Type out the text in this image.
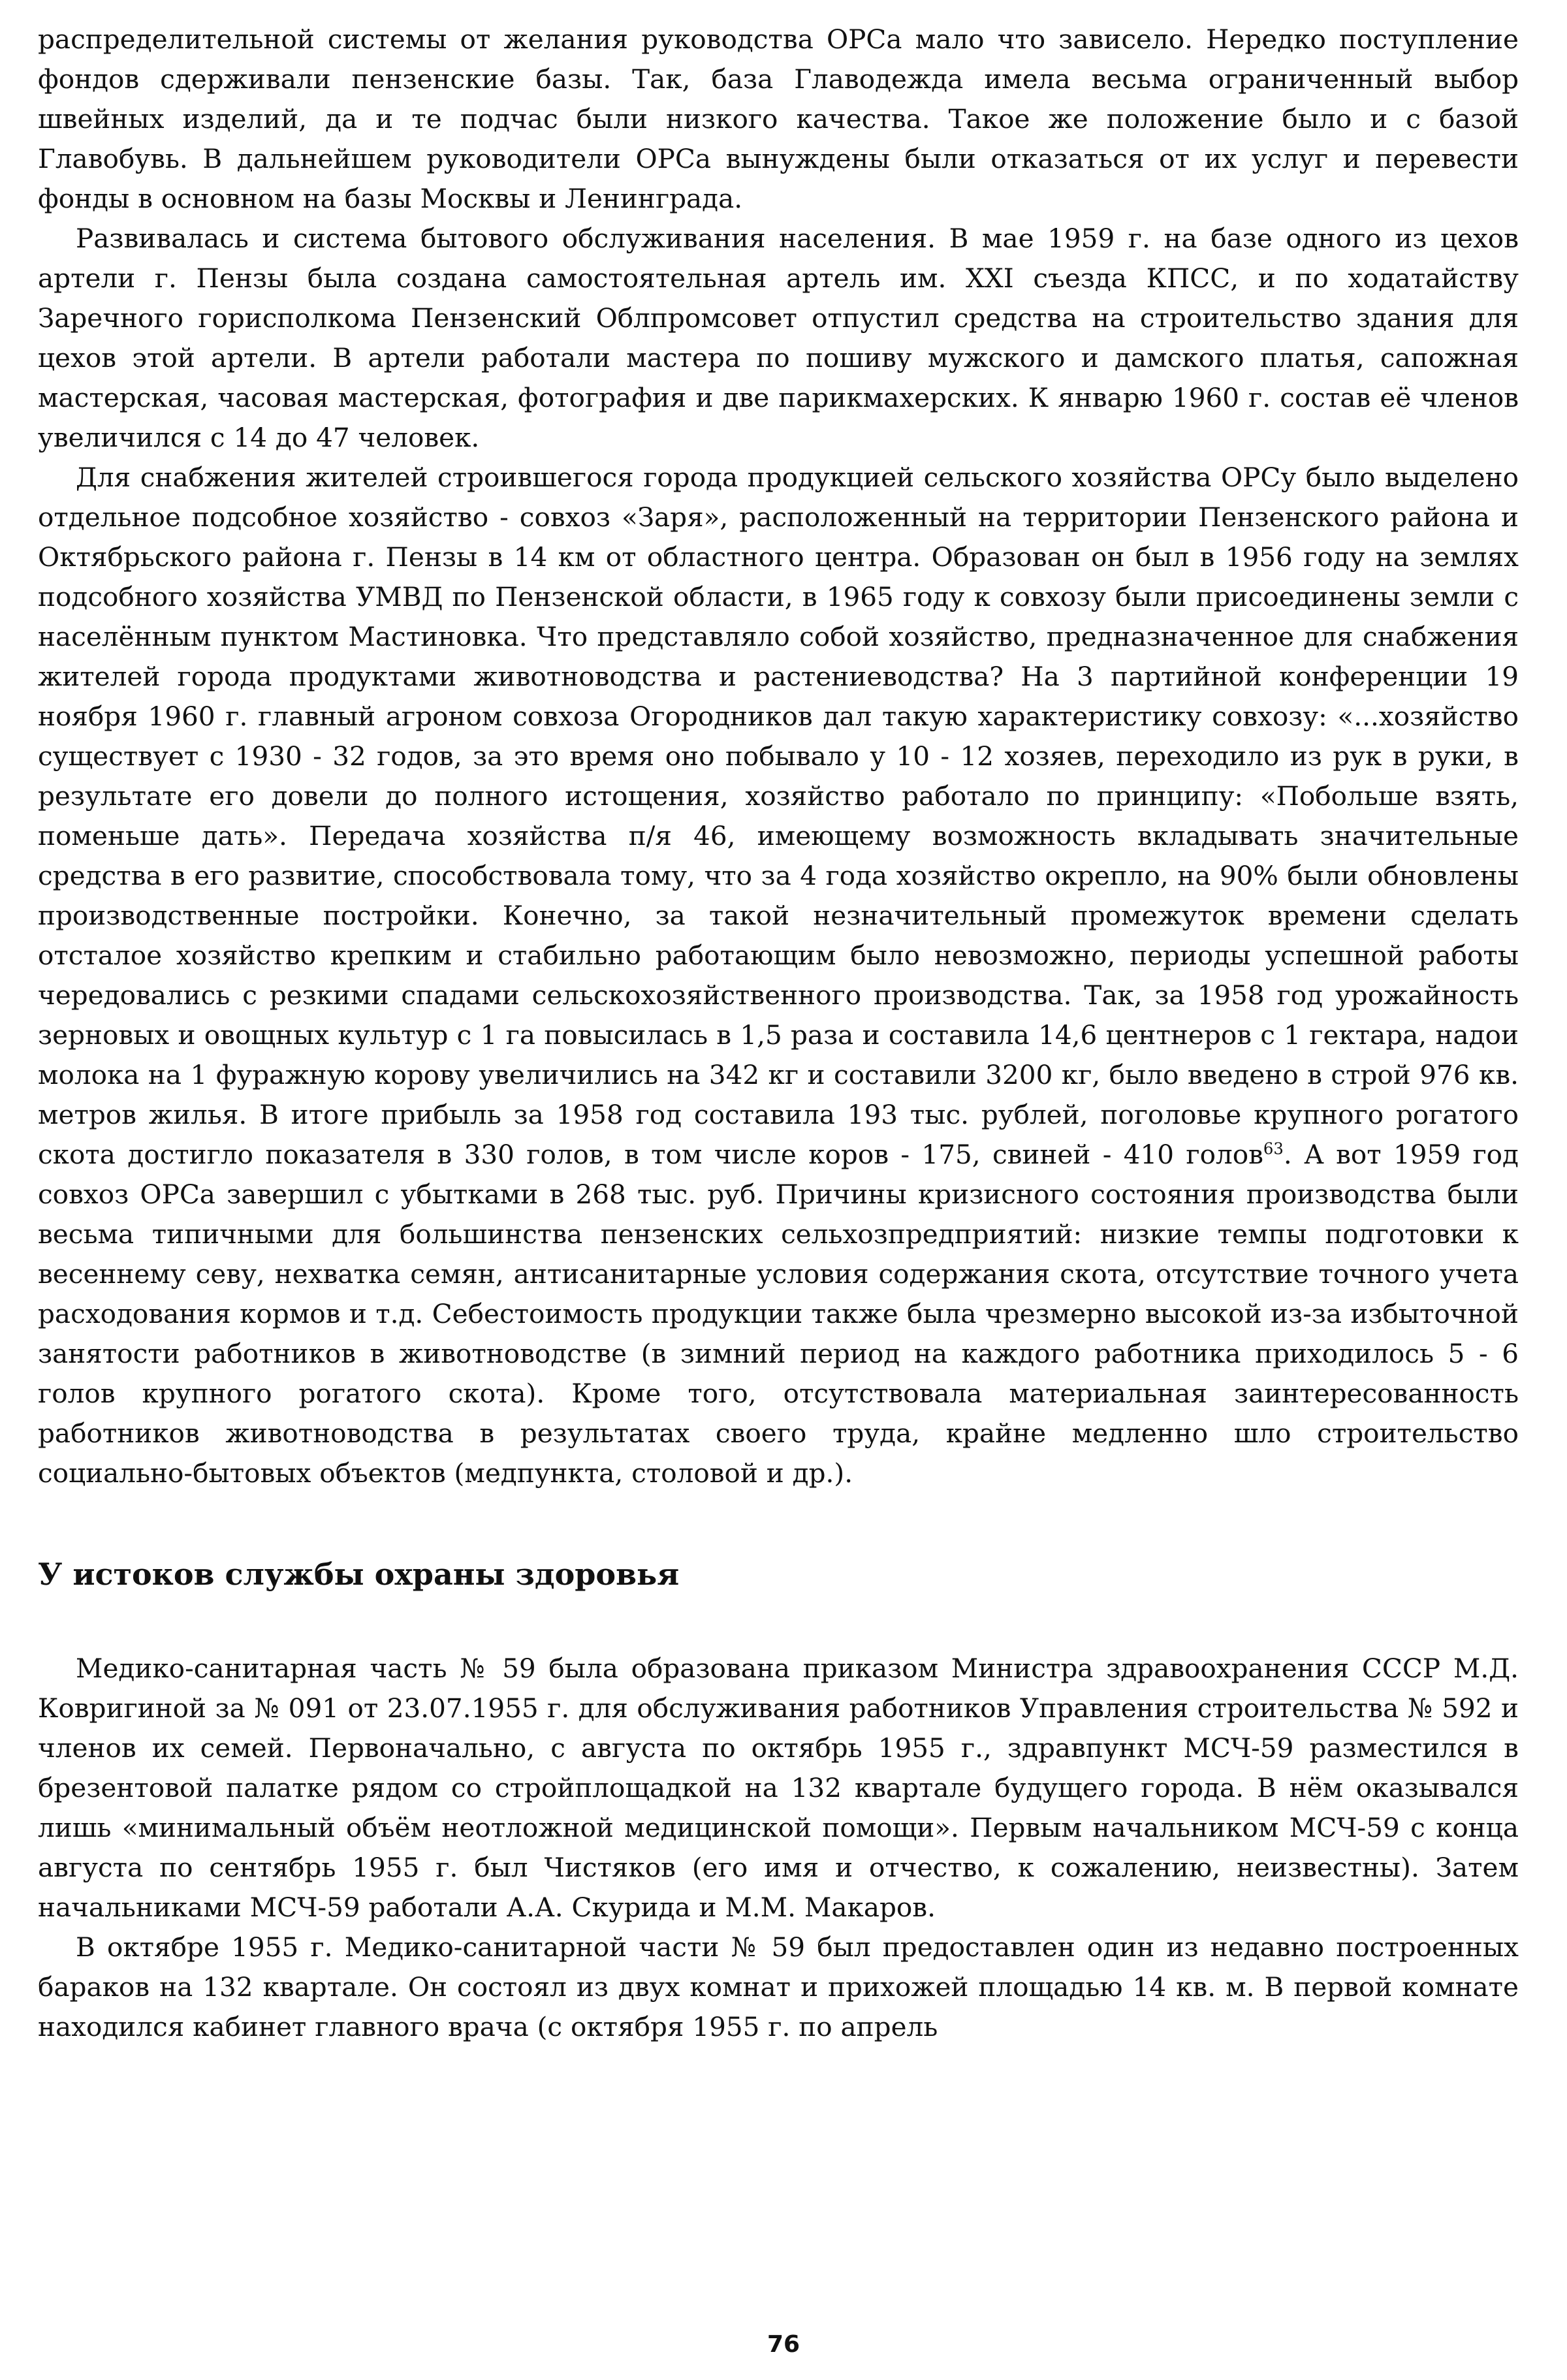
распределительной системы от желания руководства ОРСа мало что зависело. Нередко поступление фондов сдерживали пензенские базы. Так, база Главодежда имела весьма ограниченный выбор швейных изделий, да и те подчас были низкого качества. Такое же положение было и с базой Главобувь. В дальнейшем руководители ОРСа вынуждены были отказаться от их услуг и перевести фонды в основном на базы Москвы и Ленинграда.

Развивалась и система бытового обслуживания населения. В мае 1959 г. на базе одного из цехов артели г. Пензы была создана самостоятельная артель им. XXI съезда КПСС, и по ходатайству Заречного горисполкома Пензенский Облпромсовет отпустил средства на строительство здания для цехов этой артели. В артели работали мастера по пошиву мужского и дамского платья, сапожная мастерская, часовая мастерская, фотография и две парикмахерских. К январю 1960 г. состав её членов увеличился с 14 до 47 человек.

Для снабжения жителей строившегося города продукцией сельского хозяйства ОРСу было выделено отдельное подсобное хозяйство - совхоз «Заря», расположенный на территории Пензенского района и Октябрьского района г. Пензы в 14 км от областного центра. Образован он был в 1956 году на землях подсобного хозяйства УМВД по Пензенской области, в 1965 году к совхозу были присоединены земли с населённым пунктом Мастиновка. Что представляло собой хозяйство, предназначенное для снабжения жителей города продуктами животноводства и растениеводства? На 3 партийной конференции 19 ноября 1960 г. главный агроном совхоза Огородников дал такую характеристику совхозу: «...хозяйство существует с 1930 - 32 годов, за это время оно побывало у 10 - 12 хозяев, переходило из рук в руки, в результате его довели до полного истощения, хозяйство работало по принципу: «Побольше взять, поменьше дать». Передача хозяйства п/я 46, имеющему возможность вкладывать значительные средства в его развитие, способствовала тому, что за 4 года хозяйство окрепло, на 90% были обновлены производственные постройки. Конечно, за такой незначительный промежуток времени сделать отсталое хозяйство крепким и стабильно работающим было невозможно, периоды успешной работы чередовались с резкими спадами сельскохозяйственного производства. Так, за 1958 год урожайность зерновых и овощных культур с 1 га повысилась в 1,5 раза и составила 14,6 центнеров с 1 гектара, надои молока на 1 фуражную корову увеличились на 342 кг и составили 3200 кг, было введено в строй 976 кв. метров жилья. В итоге прибыль за 1958 год составила 193 тыс. рублей, поголовье крупного рогатого скота достигло показателя в 330 голов, в том числе коров - 175, свиней - 410 голов$^{63}$. А вот 1959 год совхоз ОРСа завершил с убытками в 268 тыс. руб. Причины кризисного состояния производства были весьма типичными для большинства пензенских сельхозпредприятий: низкие темпы подготовки к весеннему севу, нехватка семян, антисанитарные условия содержания скота, отсутствие точного учета расходования кормов и т.д. Себестоимость продукции также была чрезмерно высокой из-за избыточной занятости работников в животноводстве (в зимний период на каждого работника приходилось 5 - 6 голов крупного рогатого скота). Кроме того, отсутствовала материальная заинтересованность работников животноводства в результатах своего труда, крайне медленно шло строительство социально-бытовых объектов (медпункта, столовой и др.).

У истоков службы охраны здоровья

Медико-санитарная часть № 59 была образована приказом Министра здравоохранения СССР М.Д. Ковригиной за № 091 от 23.07.1955 г. для обслуживания работников Управления строительства № 592 и членов их семей. Первоначально, с августа по октябрь 1955 г., здравпункт МСЧ-59 разместился в брезентовой палатке рядом со стройплощадкой на 132 квартале будущего города. В нём оказывался лишь «минимальный объём неотложной медицинской помощи». Первым начальником МСЧ-59 с конца августа по сентябрь 1955 г. был Чистяков (его имя и отчество, к сожалению, неизвестны). Затем начальниками МСЧ-59 работали А.А. Скурида и М.М. Макаров.

В октябре 1955 г. Медико-санитарной части № 59 был предоставлен один из недавно построенных бараков на 132 квартале. Он состоял из двух комнат и прихожей площадью 14 кв. м. В первой комнате находился кабинет главного врача (с октября 1955 г. по апрель

76
